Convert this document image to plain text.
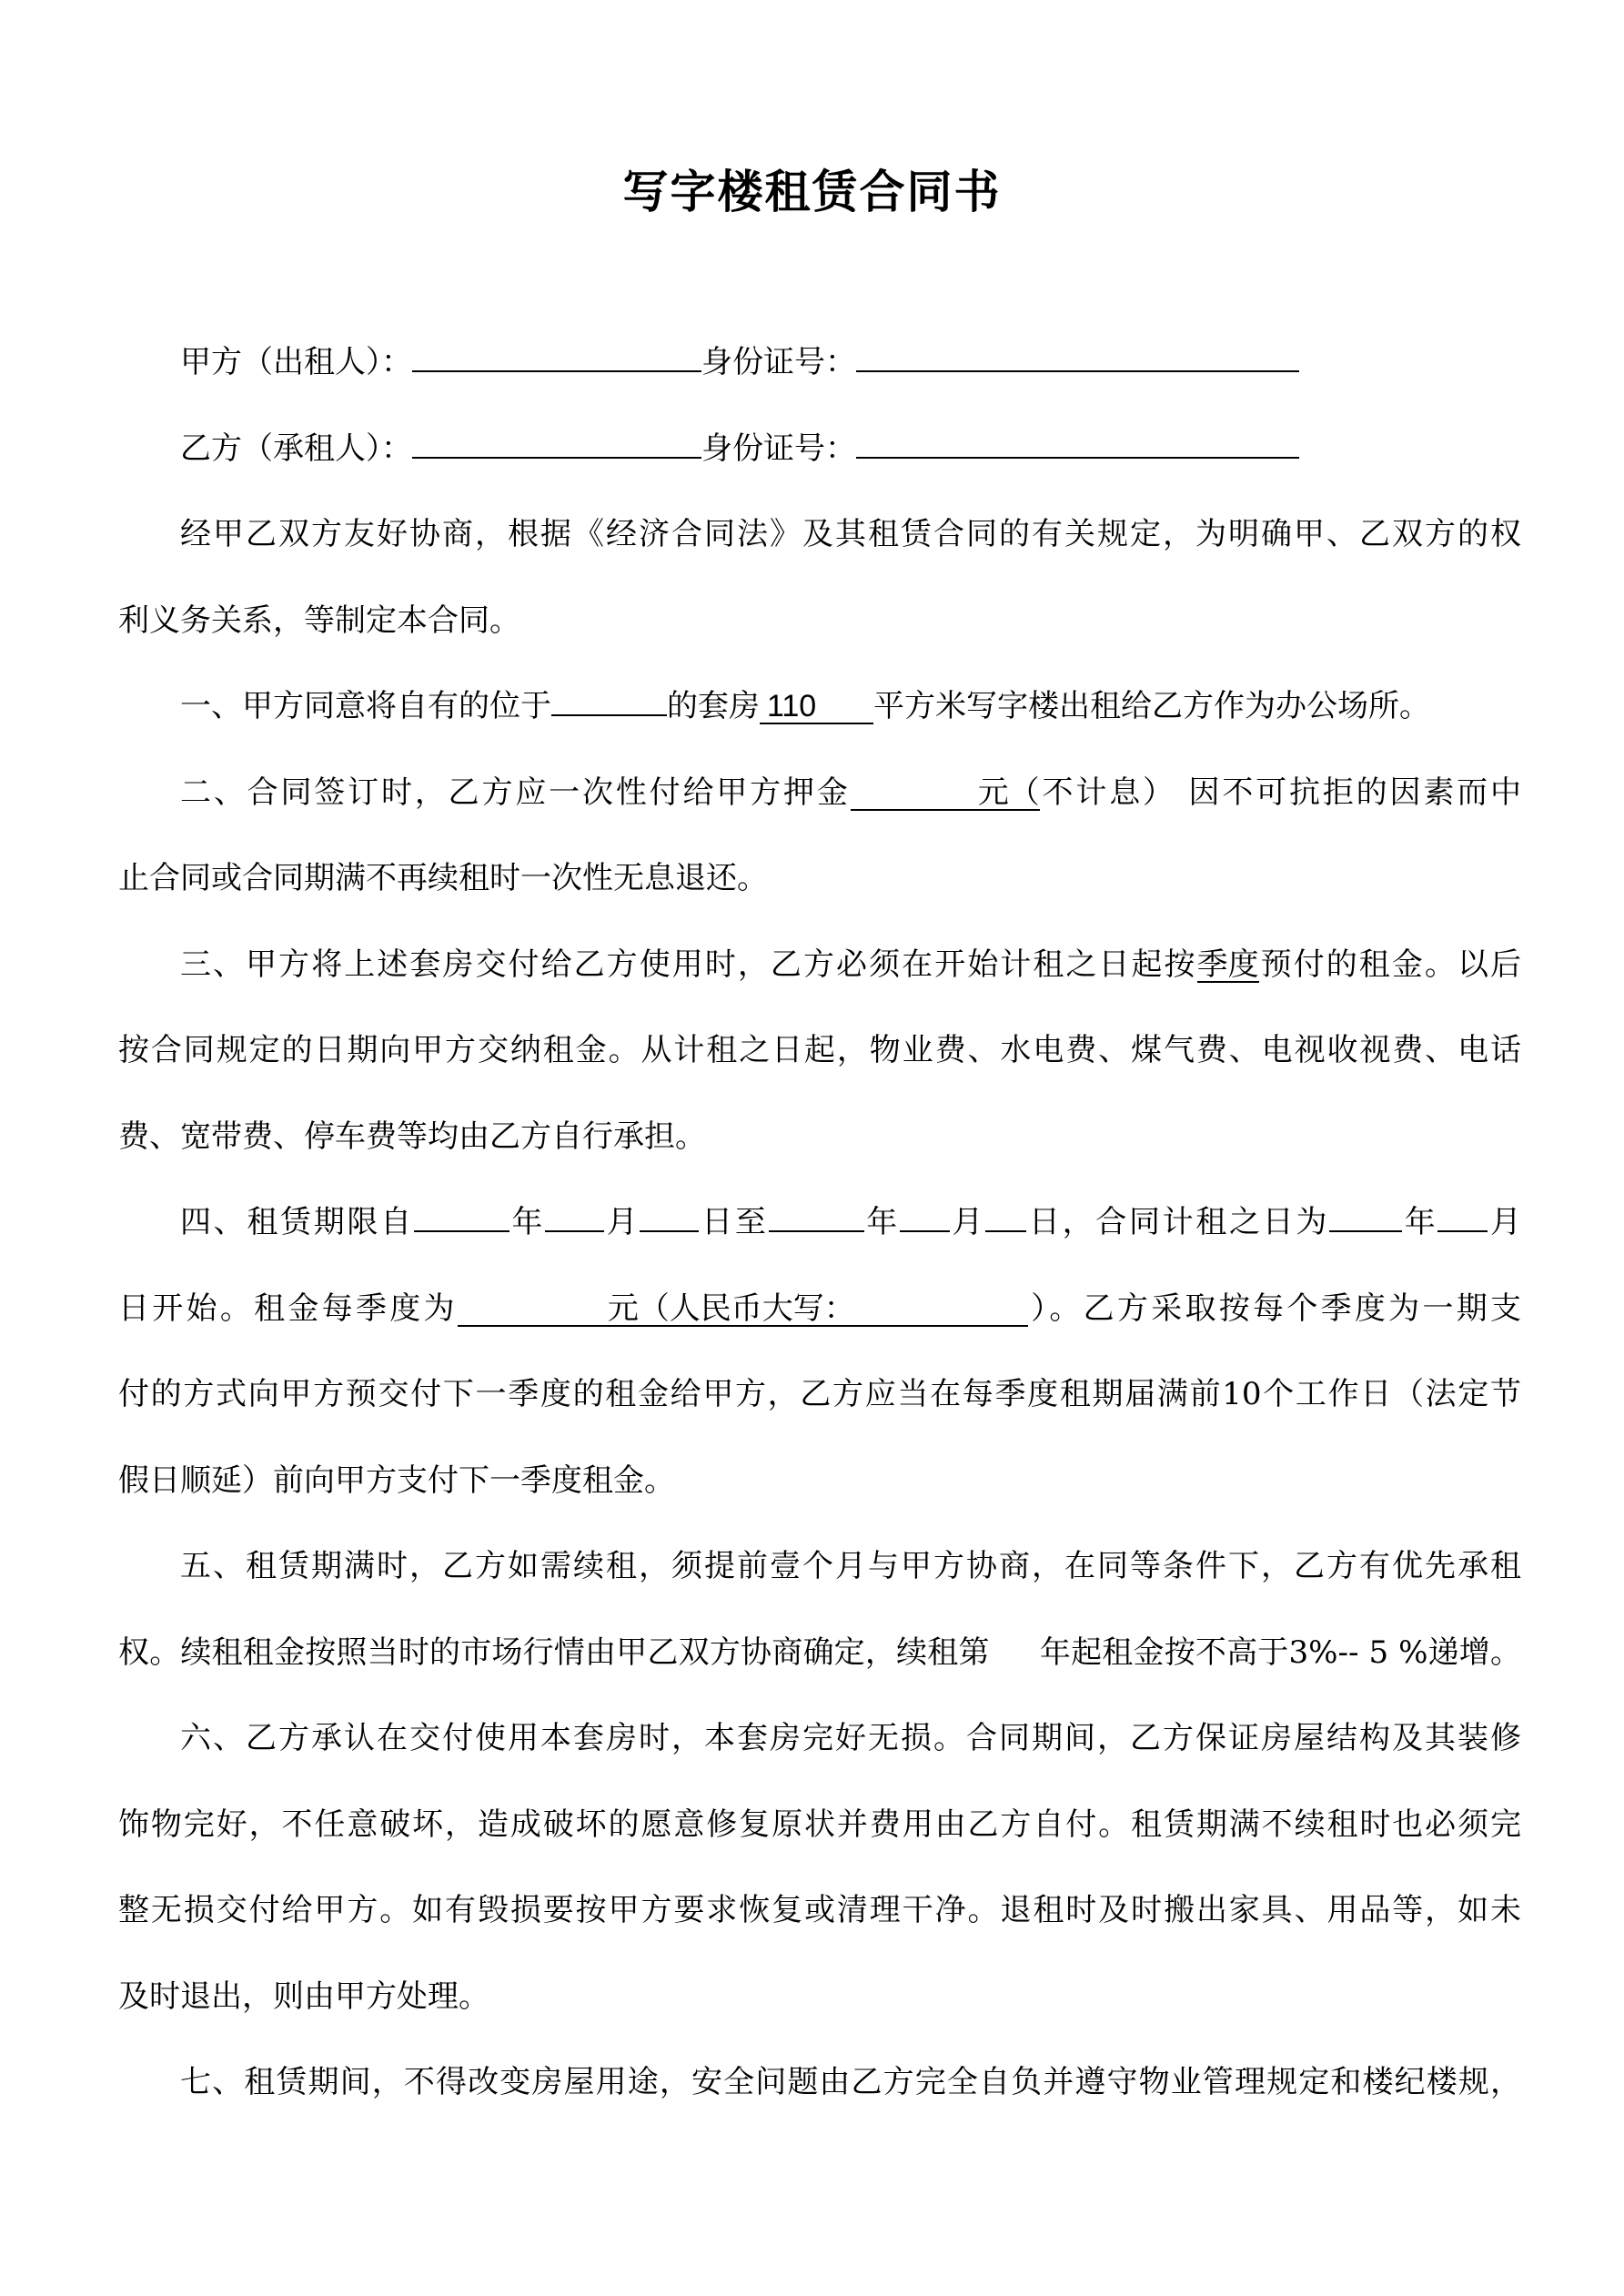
写字楼租赁合同书
甲方（出租人）：	身份证号：
乙方（承租人）：	身份证号：
经甲乙双方友好协商，根据《经济合同法》及其租赁合同的有关规定，为明确甲、乙双方的权
利义务关系，等制定本合同。
一、甲方同意将自有的位于	的套房 110 平方米写字楼出租给乙方作为办公场所。
二、合同签订时，乙方应一次性付给甲方押金	元（不计息） 因不可抗拒的因素而中
止合同或合同期满不再续租时一次性无息退还。
三、甲方将上述套房交付给乙方使用时，乙方必须在开始计租之日起按季度预付的租金。以后
按合同规定的日期向甲方交纳租金。从计租之日起，物业费、水电费、煤气费、电视收视费、电话
费、宽带费、停车费等均由乙方自行承担。
四、租赁期限自	年 月 日至	年 月 日，合同计租之日为 年 月
日开始。租金每季度为	元（人民币大写：	）。乙方采取按每个季度为一期支
付的方式向甲方预交付下一季度的租金给甲方，乙方应当在每季度租期届满前10个工作日（法定节
假日顺延）前向甲方支付下一季度租金。
五、租赁期满时，乙方如需续租，须提前壹个月与甲方协商，在同等条件下，乙方有优先承租
权。续租租金按照当时的市场行情由甲乙双方协商确定，续租第 年起租金按不高于3%-- 5 %递增。
六、乙方承认在交付使用本套房时，本套房完好无损。合同期间，乙方保证房屋结构及其装修
饰物完好，不任意破坏，造成破坏的愿意修复原状并费用由乙方自付。租赁期满不续租时也必须完
整无损交付给甲方。如有毁损要按甲方要求恢复或清理干净。退租时及时搬出家具、用品等，如未
及时退出，则由甲方处理。
七、租赁期间，不得改变房屋用途，安全问题由乙方完全自负并遵守物业管理规定和楼纪楼规，
